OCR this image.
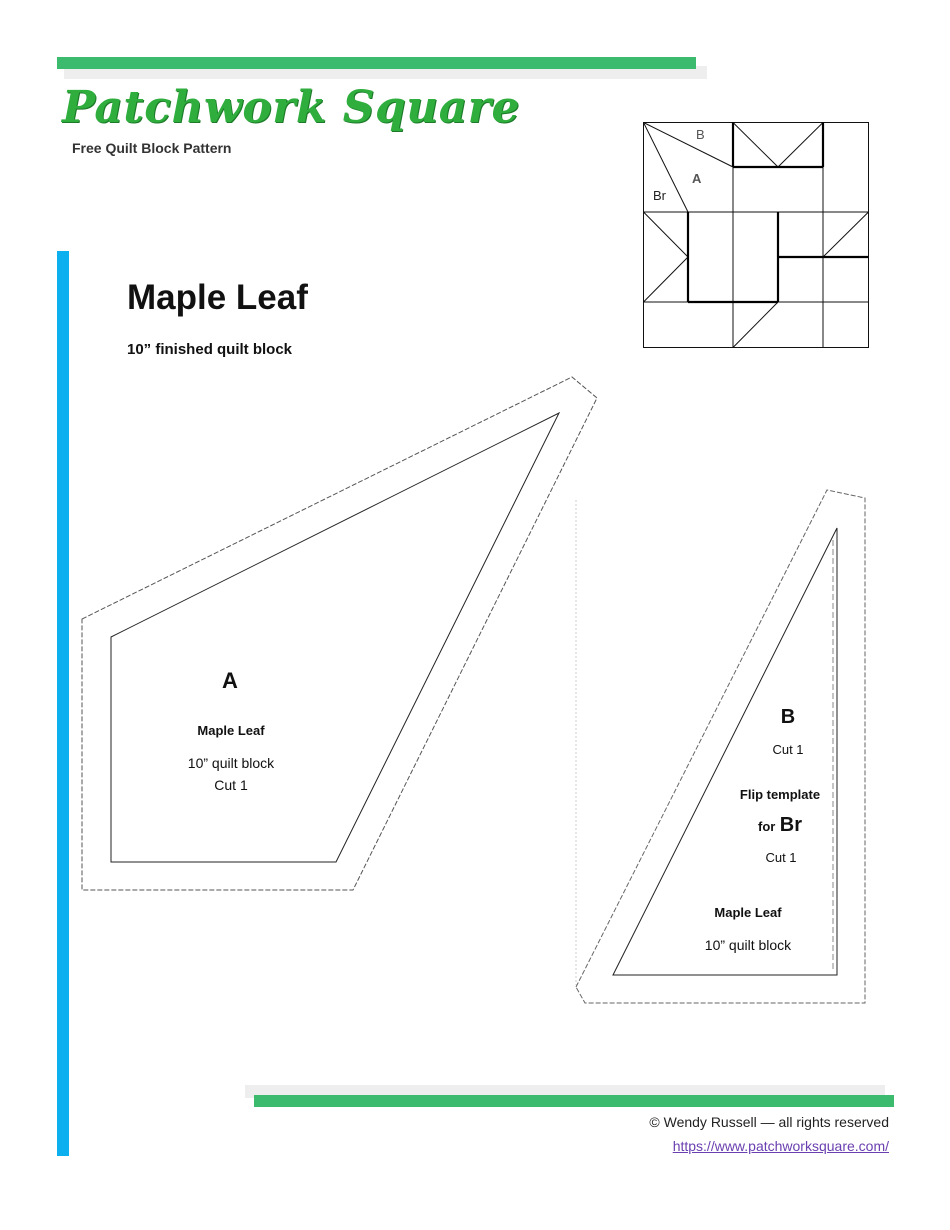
Patchwork Square
Free Quilt Block Pattern
Maple Leaf
10” finished quilt block
B
A
Br
A
Maple Leaf
10” quilt block
Cut 1
B
Cut 1
Flip template
for Br
Cut 1
Maple Leaf
10” quilt block
© Wendy Russell — all rights reserved
https://www.patchworksquare.com/
